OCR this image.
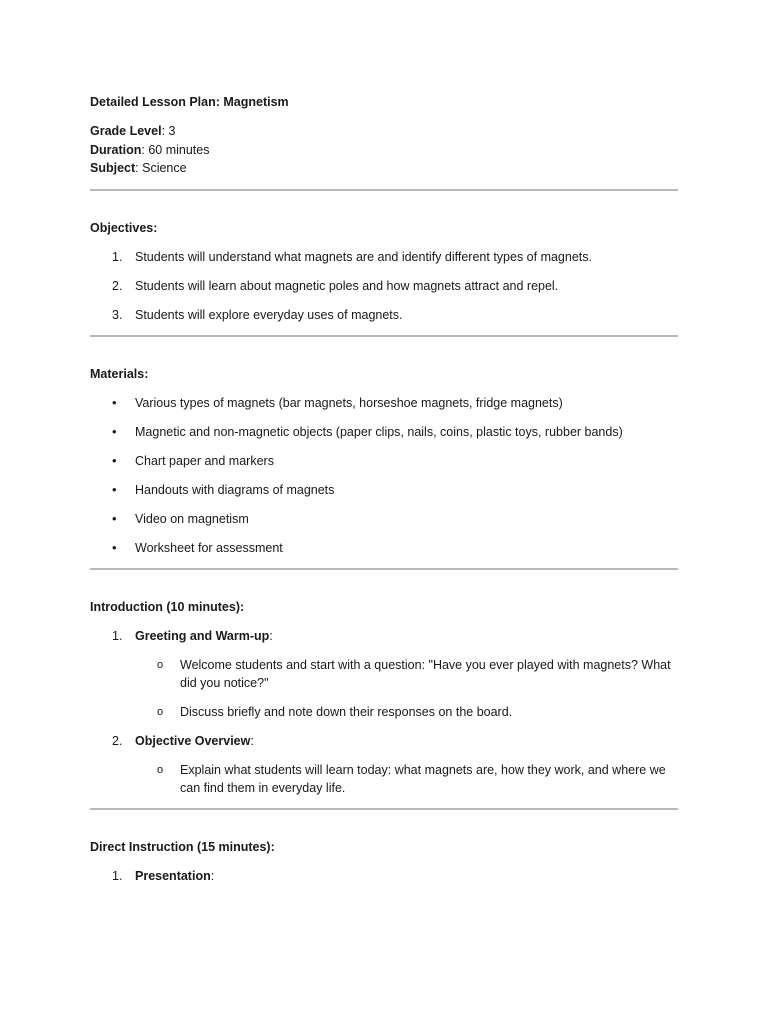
Detailed Lesson Plan: Magnetism
Grade Level: 3
Duration: 60 minutes
Subject: Science
Objectives:
1. Students will understand what magnets are and identify different types of magnets.
2. Students will learn about magnetic poles and how magnets attract and repel.
3. Students will explore everyday uses of magnets.
Materials:
• Various types of magnets (bar magnets, horseshoe magnets, fridge magnets)
• Magnetic and non-magnetic objects (paper clips, nails, coins, plastic toys, rubber bands)
• Chart paper and markers
• Handouts with diagrams of magnets
• Video on magnetism
• Worksheet for assessment
Introduction (10 minutes):
1. Greeting and Warm-up:
o Welcome students and start with a question: "Have you ever played with magnets? What did you notice?"
o Discuss briefly and note down their responses on the board.
2. Objective Overview:
o Explain what students will learn today: what magnets are, how they work, and where we can find them in everyday life.
Direct Instruction (15 minutes):
1. Presentation:
